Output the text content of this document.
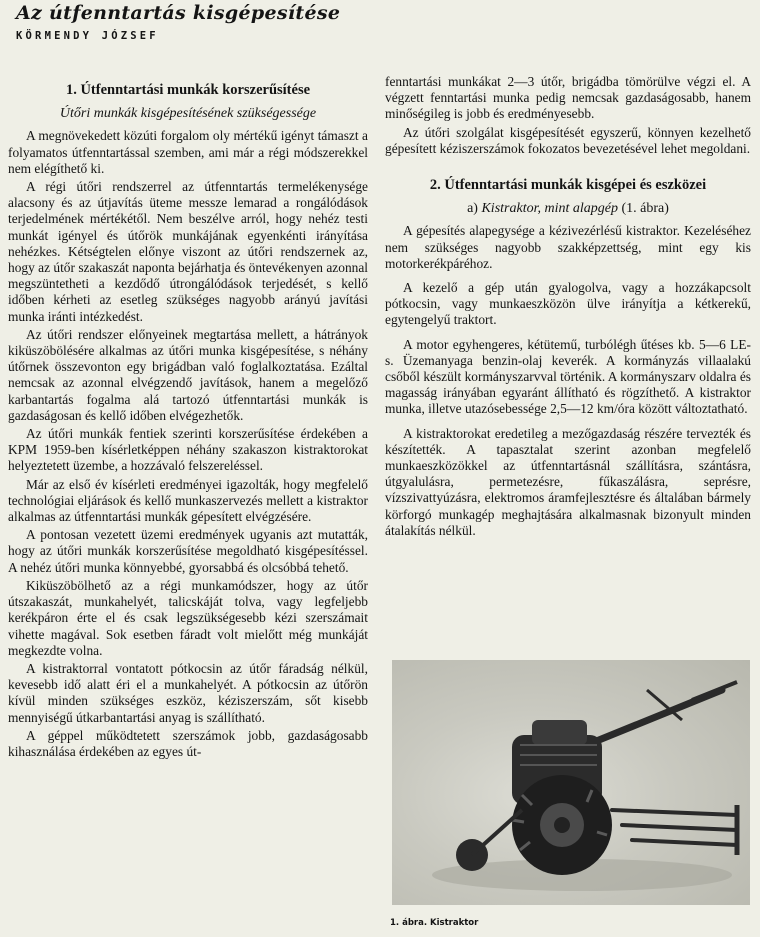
Az útfenntartás kisgépesítése
KÖRMENDY JÓZSEF
1. Útfenntartási munkák korszerűsítése
Útőri munkák kisgépesítésének szükségessége

A megnövekedett közúti forgalom oly mértékű igényt támaszt a folyamatos útfenntartással szemben, ami már a régi módszerekkel nem elégíthető ki.

A régi útőri rendszerrel az útfenntartás termelékenysége alacsony és az útjavítás üteme messze lemarad a rongálódások terjedelmének mértékétől. Nem beszélve arról, hogy nehéz testi munkát igényel és útőrök munkájának egyenkénti irányítása nehézkes. Kétségtelen előnye viszont az útőri rendszernek az, hogy az útőr szakaszát naponta bejárhatja és öntevékenyen azonnal megszüntetheti a kezdődő útrongálódások terjedését, s kellő időben kérheti az esetleg szükséges nagyobb arányú javítási munka iránti intézkedést.

Az útőri rendszer előnyeinek megtartása mellett, a hátrányok kiküszöbölésére alkalmas az útőri munka kisgépesítése, s néhány útőrnek összevonton egy brigádban való foglalkoztatása. Ezáltal nemcsak az azonnal elvégzendő javítások, hanem a megelőző karbantartás fogalma alá tartozó útfenntartási munkák is gazdaságosan és kellő időben elvégezhetők.

Az útőri munkák fentiek szerinti korszerűsítése érdekében a KPM 1959-ben kísérletképpen néhány szakaszon kistraktorokat helyeztetett üzembe, a hozzávaló felszereléssel.

Már az első év kísérleti eredményei igazolták, hogy megfelelő technológiai eljárások és kellő munkaszervezés mellett a kistraktor alkalmas az útfenntartási munkák gépesített elvégzésére.

A pontosan vezetett üzemi eredmények ugyanis azt mutatták, hogy az útőri munkák korszerűsítése megoldható kisgépesítéssel. A nehéz útőri munka könnyebbé, gyorsabbá és olcsóbbá tehető.

Kiküszöbölhető az a régi munkamódszer, hogy az útőr útszakaszát, munkahelyét, talicskáját tolva, vagy legfeljebb kerékpáron érte el és csak legszükségesebb kézi szerszámait vihette magával. Sok esetben fáradt volt mielőtt még munkáját megkezdte volna.

A kistraktorral vontatott pótkocsin az útőr fáradság nélkül, kevesebb idő alatt éri el a munkahelyét. A pótkocsin az útőrön kívül minden szükséges eszköz, kéziszerszám, sőt kisebb mennyiségű útkarbantartási anyag is szállítható.

A géppel működtetett szerszámok jobb, gazdaságosabb kihasználása érdekében az egyes út-

fenntartási munkákat 2—3 útőr, brigádba tömörülve végzi el. A végzett fenntartási munka pedig nemcsak gazdaságosabb, hanem minőségileg is jobb és eredményesebb.

Az útőri szolgálat kisgépesítését egyszerű, könnyen kezelhető gépesített kéziszerszámok fokozatos bevezetésével lehet megoldani.

2. Útfenntartási munkák kisgépei és eszközei
a) Kistraktor, mint alapgép (1. ábra)

A gépesítés alapegysége a kézivezérlésű kistraktor. Kezeléséhez nem szükséges nagyobb szakképzettség, mint egy kis motorkerékpáréhoz.

A kezelő a gép után gyalogolva, vagy a hozzákapcsolt pótkocsin, vagy munkaeszközön ülve irányítja a kétkerekű, egytengelyű traktort.

A motor egyhengeres, kétütemű, turbólégh űtéses kb. 5—6 LE-s. Üzemanyaga benzin-olaj keverék. A kormányzás villaalakú csőből készült kormányszarvval történik. A kormányszarv oldalra és magasság irányában egyaránt állítható és rögzíthető. A kistraktor munka, illetve utazósebessége 2,5—12 km/óra között változtatható.

A kistraktorokat eredetileg a mezőgazdaság részére tervezték és készítették. A tapasztalat szerint azonban megfelelő munkaeszközökkel az útfenntartásnál szállításra, szántásra, útgyalulásra, permetezésre, fűkaszálásra, seprésre, vízszivattyúzásra, elektromos áramfejlesztésre és általában bármely körforgó munkagép meghajtására alkalmasnak bizonyult minden átalakítás nélkül.

1. ábra. Kistraktor
